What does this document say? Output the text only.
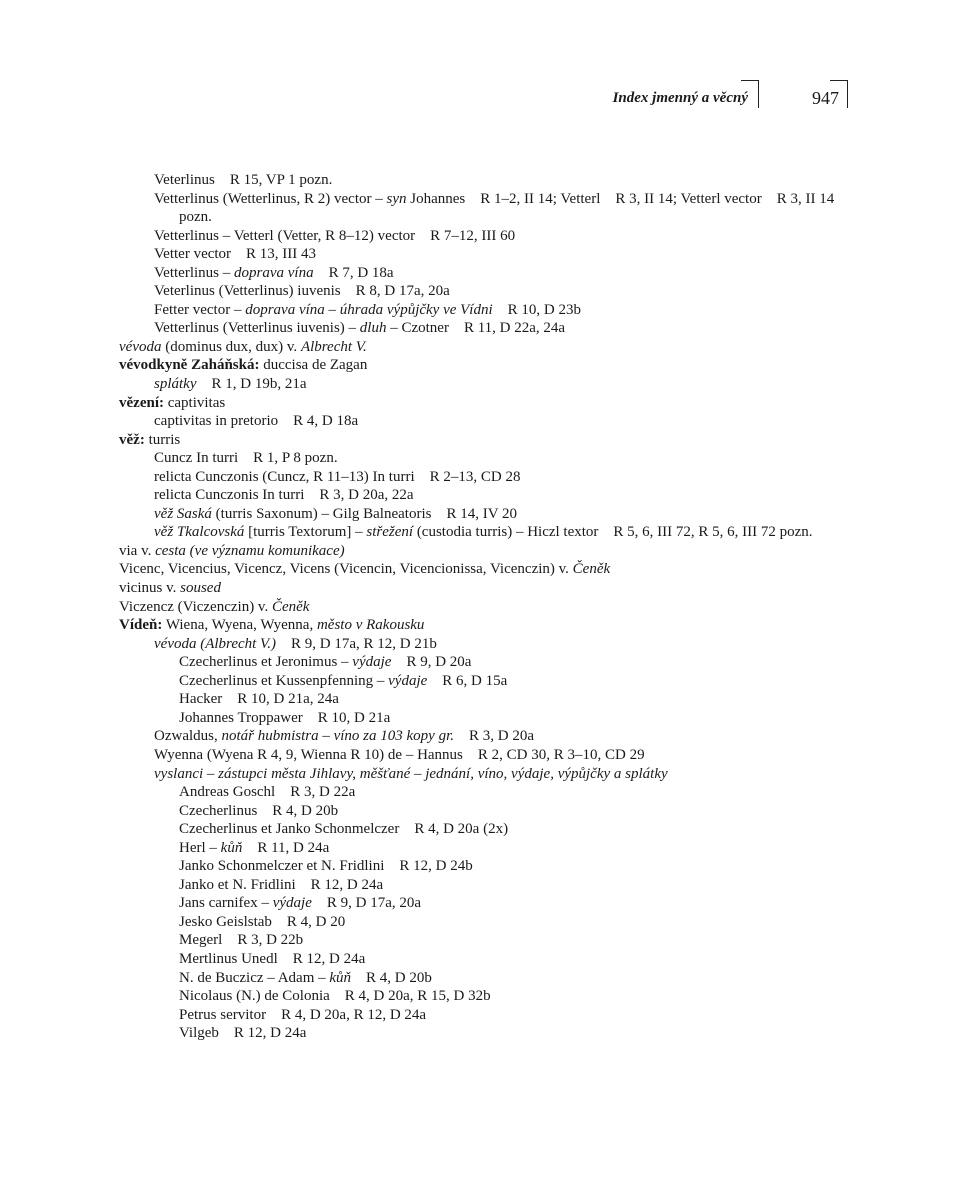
Index jmenný a věcný	947
Veterlinus  R 15, VP 1 pozn.
Vetterlinus (Wetterlinus, R 2) vector – syn Johannes  R 1–2, II 14; Vetterl  R 3, II 14; Vetterl vector  R 3, II 14 pozn.
Vetterlinus – Vetterl (Vetter, R 8–12) vector  R 7–12, III 60
Vetter vector  R 13, III 43
Vetterlinus – doprava vína  R 7, D 18a
Veterlinus (Vetterlinus) iuvenis  R 8, D 17a, 20a
Fetter vector – doprava vína – úhrada výpůjčky ve Vídni  R 10, D 23b
Vetterlinus (Vetterlinus iuvenis) – dluh – Czotner  R 11, D 22a, 24a
vévoda (dominus dux, dux) v. Albrecht V.
vévodkyně Zaháňská: duccisa de Zagan
splátky  R 1, D 19b, 21a
vězení: captivitas
captivitas in pretorio  R 4, D 18a
věž: turris
Cuncz In turri  R 1, P 8 pozn.
relicta Cunczonis (Cuncz, R 11–13) In turri  R 2–13, CD 28
relicta Cunczonis In turri  R 3, D 20a, 22a
věž Saská (turris Saxonum) – Gilg Balneatoris  R 14, IV 20
věž Tkalcovská [turris Textorum] – střežení (custodia turris) – Hiczl textor  R 5, 6, III 72, R 5, 6, III 72 pozn.
via v. cesta (ve významu komunikace)
Vicenc, Vicencius, Vicencz, Vicens (Vicencin, Vicencionissa, Vicenczin) v. Čeněk
vicinus v. soused
Viczencz (Viczenczin) v. Čeněk
Vídeň: Wiena, Wyena, Wyenna, město v Rakousku
vévoda (Albrecht V.)  R 9, D 17a, R 12, D 21b
Czecherlinus et Jeronimus – výdaje  R 9, D 20a
Czecherlinus et Kussenpfenning – výdaje  R 6, D 15a
Hacker  R 10, D 21a, 24a
Johannes Troppawer  R 10, D 21a
Ozwaldus, notář hubmistra – víno za 103 kopy gr.  R 3, D 20a
Wyenna (Wyena R 4, 9, Wienna R 10) de – Hannus  R 2, CD 30, R 3–10, CD 29
vyslanci – zástupci města Jihlavy, měšťané – jednání, víno, výdaje, výpůjčky a splátky
Andreas Goschl  R 3, D 22a
Czecherlinus  R 4, D 20b
Czecherlinus et Janko Schonmelczer  R 4, D 20a (2x)
Herl – kůň  R 11, D 24a
Janko Schonmelczer et N. Fridlini  R 12, D 24b
Janko et N. Fridlini  R 12, D 24a
Jans carnifex – výdaje  R 9, D 17a, 20a
Jesko Geislstab  R 4, D 20
Megerl  R 3, D 22b
Mertlinus Unedl  R 12, D 24a
N. de Buczicz – Adam – kůň  R 4, D 20b
Nicolaus (N.) de Colonia  R 4, D 20a, R 15, D 32b
Petrus servitor  R 4, D 20a, R 12, D 24a
Vilgeb  R 12, D 24a
